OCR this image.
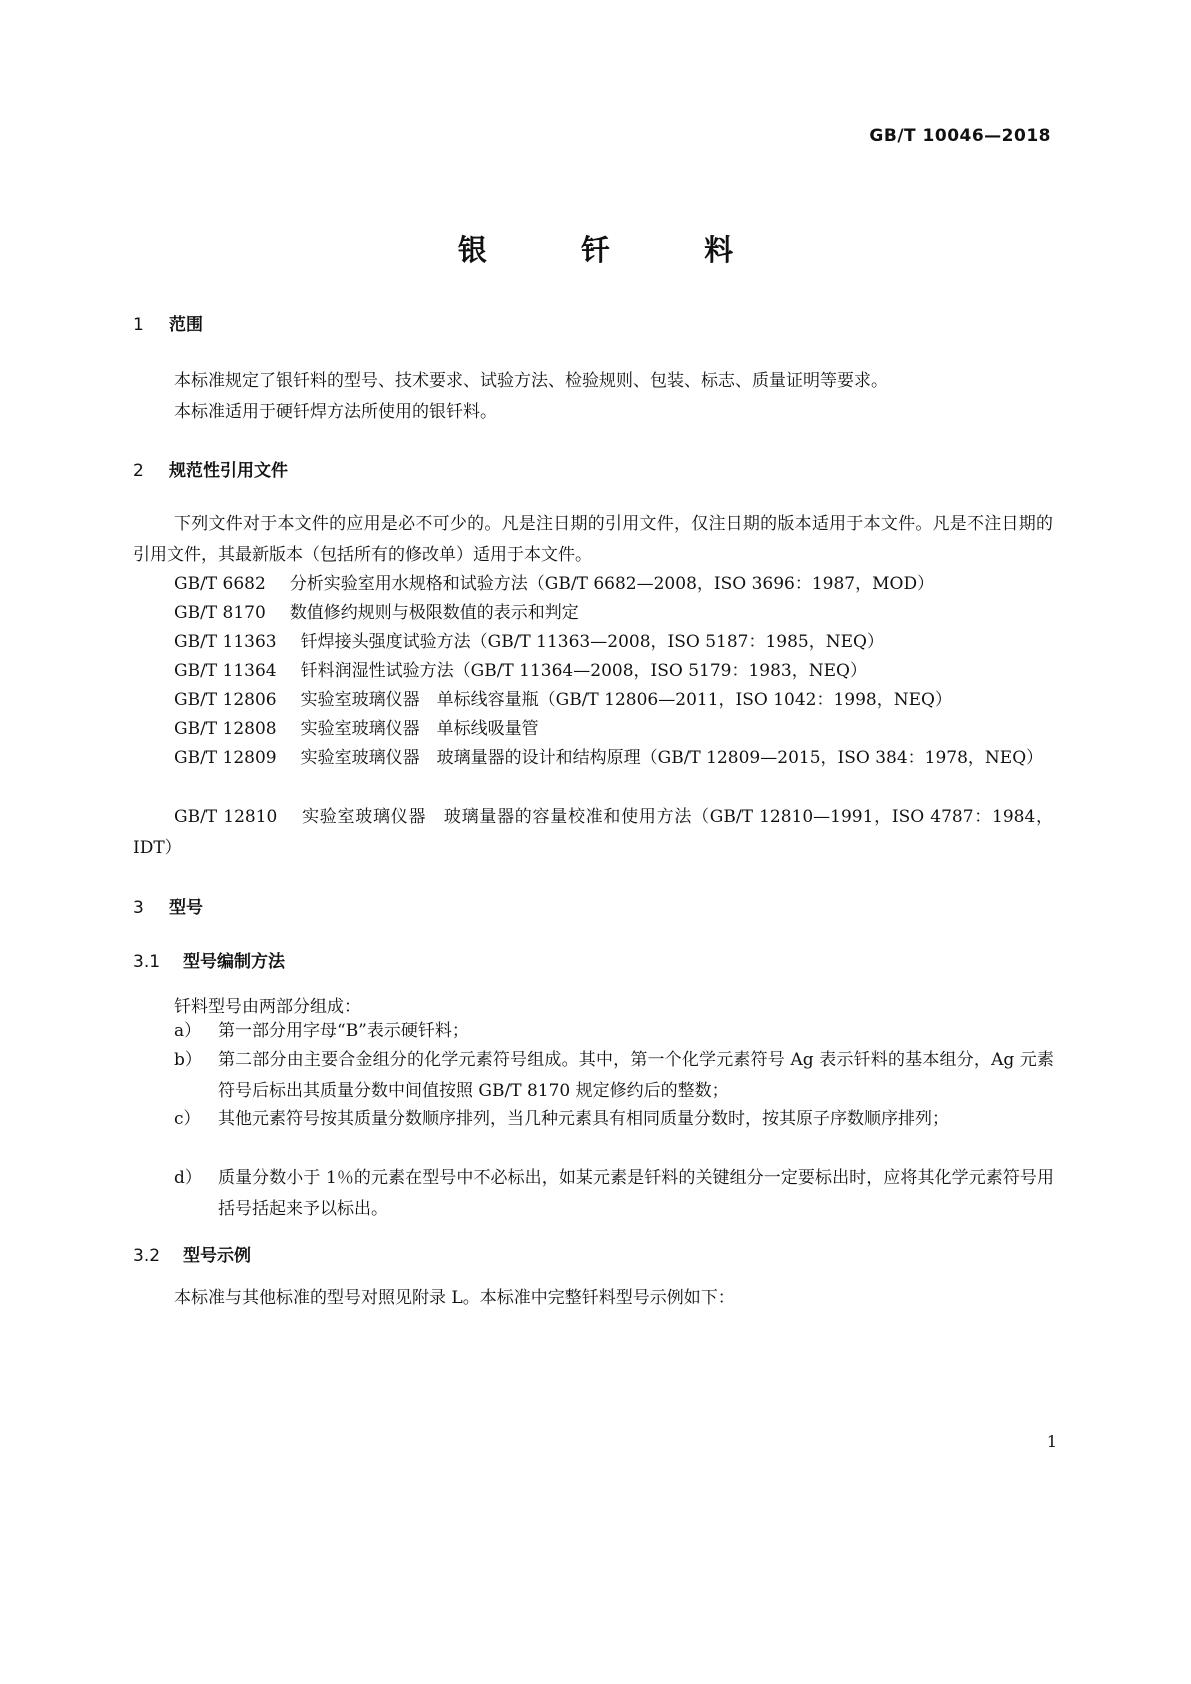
GB/T 10046—2018
银 钎 料
1 范围
本标准规定了银钎料的型号、技术要求、试验方法、检验规则、包装、标志、质量证明等要求。
本标准适用于硬钎焊方法所使用的银钎料。
2 规范性引用文件
下列文件对于本文件的应用是必不可少的。凡是注日期的引用文件，仅注日期的版本适用于本文件。凡是不注日期的引用文件，其最新版本（包括所有的修改单）适用于本文件。
GB/T 6682 分析实验室用水规格和试验方法（GB/T 6682—2008，ISO 3696：1987，MOD）
GB/T 8170 数值修约规则与极限数值的表示和判定
GB/T 11363 钎焊接头强度试验方法（GB/T 11363—2008，ISO 5187：1985，NEQ）
GB/T 11364 钎料润湿性试验方法（GB/T 11364—2008，ISO 5179：1983，NEQ）
GB/T 12806 实验室玻璃仪器　单标线容量瓶（GB/T 12806—2011，ISO 1042：1998，NEQ）
GB/T 12808 实验室玻璃仪器　单标线吸量管
GB/T 12809 实验室玻璃仪器　玻璃量器的设计和结构原理（GB/T 12809—2015，ISO 384：1978，NEQ）
GB/T 12810 实验室玻璃仪器　玻璃量器的容量校准和使用方法（GB/T 12810—1991，ISO 4787：1984，IDT）
3 型号
3.1 型号编制方法
钎料型号由两部分组成：
a） 第一部分用字母“B”表示硬钎料；
b） 第二部分由主要合金组分的化学元素符号组成。其中，第一个化学元素符号 Ag 表示钎料的基本组分，Ag 元素符号后标出其质量分数中间值按照 GB/T 8170 规定修约后的整数；
c）	其他元素符号按其质量分数顺序排列，当几种元素具有相同质量分数时，按其原子序数顺序排列；
d） 质量分数小于 1％的元素在型号中不必标出，如某元素是钎料的关键组分一定要标出时，应将其化学元素符号用括号括起来予以标出。
3.2 型号示例
本标准与其他标准的型号对照见附录 L。本标准中完整钎料型号示例如下：
1
